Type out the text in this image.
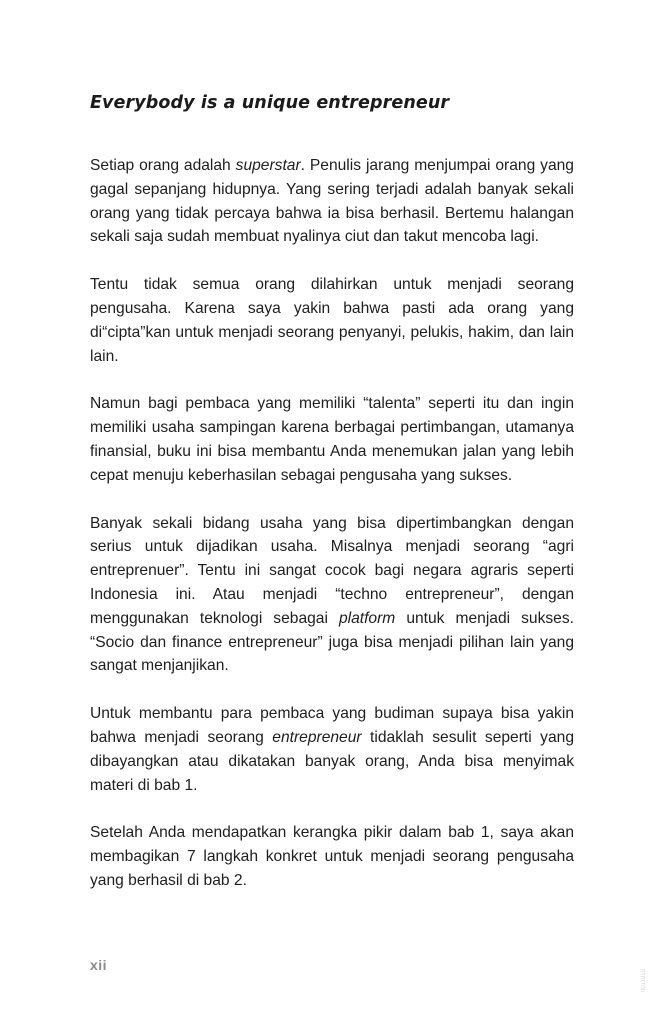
Everybody is a unique entrepreneur

Setiap orang adalah superstar. Penulis jarang menjumpai orang yang gagal sepanjang hidupnya. Yang sering terjadi adalah banyak sekali orang yang tidak percaya bahwa ia bisa berhasil. Bertemu halangan sekali saja sudah membuat nyalinya ciut dan takut mencoba lagi.

Tentu tidak semua orang dilahirkan untuk menjadi seorang pengusaha. Karena saya yakin bahwa pasti ada orang yang di“cipta”kan untuk menjadi seorang penyanyi, pelukis, hakim, dan lain lain.

Namun bagi pembaca yang memiliki “talenta” seperti itu dan ingin memiliki usaha sampingan karena berbagai pertimbangan, utamanya finansial, buku ini bisa membantu Anda menemukan jalan yang lebih cepat menuju keberhasilan sebagai pengusaha yang sukses.

Banyak sekali bidang usaha yang bisa dipertimbangkan dengan serius untuk dijadikan usaha. Misalnya menjadi seorang “agri entreprenuer”. Tentu ini sangat cocok bagi negara agraris seperti Indonesia ini. Atau menjadi “techno entrepreneur”, dengan menggunakan teknologi sebagai platform untuk menjadi sukses. “Socio dan finance entrepreneur” juga bisa menjadi pilihan lain yang sangat menjanjikan.

Untuk membantu para pembaca yang budiman supaya bisa yakin bahwa menjadi seorang entrepreneur tidaklah sesulit seperti yang dibayangkan atau dikatakan banyak orang, Anda bisa menyimak materi di bab 1.

Setelah Anda mendapatkan kerangka pikir dalam bab 1, saya akan membagikan 7 langkah konkret untuk menjadi seorang pengusaha yang berhasil di bab 2.

xii
0011010
